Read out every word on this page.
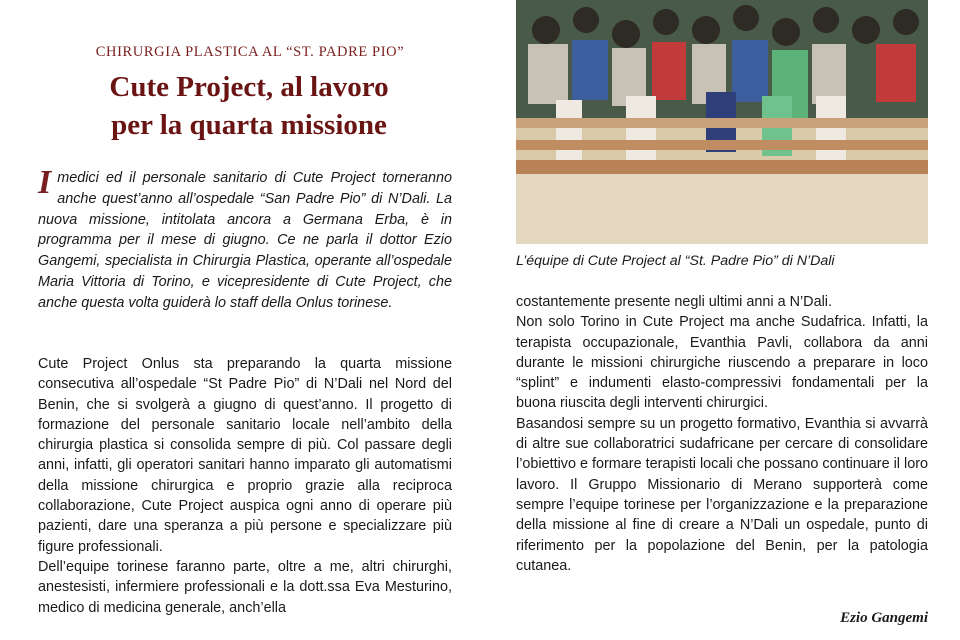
CHIRURGIA PLASTICA AL “ST. PADRE PIO”
Cute Project, al lavoro
per la quarta missione
Imedici ed il personale sanitario di Cute Project torneranno anche quest’anno all’ospedale “San Padre Pio” di N’Dali. La nuova missione, intitolata ancora a Germana Erba, è in programma per il mese di giugno. Ce ne parla il dottor Ezio Gangemi, specialista in Chirurgia Plastica, operante all’ospedale Maria Vittoria di Torino, e vicepresidente di Cute Project, che anche questa volta guiderà lo staff della Onlus torinese.

Cute Project Onlus sta preparando la quarta missione consecutiva all’ospedale “St Padre Pio” di N’Dali nel Nord del Benin, che si svolgerà a giugno di quest’anno. Il progetto di formazione del personale sanitario locale nell’ambito della chirurgia plastica si consolida sempre di più. Col passare degli anni, infatti, gli operatori sanitari hanno imparato gli automatismi della missione chirurgica e proprio grazie alla reciproca collaborazione, Cute Project auspica ogni anno di operare più pazienti, dare una speranza a più persone e specializzare più figure professionali.

Dell’equipe torinese faranno parte, oltre a me, altri chirurghi, anestesisti, infermiere professionali e la dott.ssa Eva Mesturino, medico di medicina generale, anch’ella

L’équipe di Cute Project al “St. Padre Pio” di N’Dali

costantemente presente negli ultimi anni a N’Dali.

Non solo Torino in Cute Project ma anche Sudafrica. Infatti, la terapista occupazionale, Evanthia Pavli, collabora da anni durante le missioni chirurgiche riuscendo a preparare in loco “splint” e indumenti elasto-compressivi fondamentali per la buona riuscita degli interventi chirurgici.

Basandosi sempre su un progetto formativo, Evanthia si avvarrà di altre sue collaboratrici sudafricane per cercare di consolidare l’obiettivo e formare terapisti locali che possano continuare il loro lavoro. Il Gruppo Missionario di Merano supporterà come sempre l’equipe torinese per l’organizzazione e la preparazione della missione al fine di creare a N’Dali un ospedale, punto di riferimento per la popolazione del Benin, per la patologia cutanea.

Ezio Gangemi
